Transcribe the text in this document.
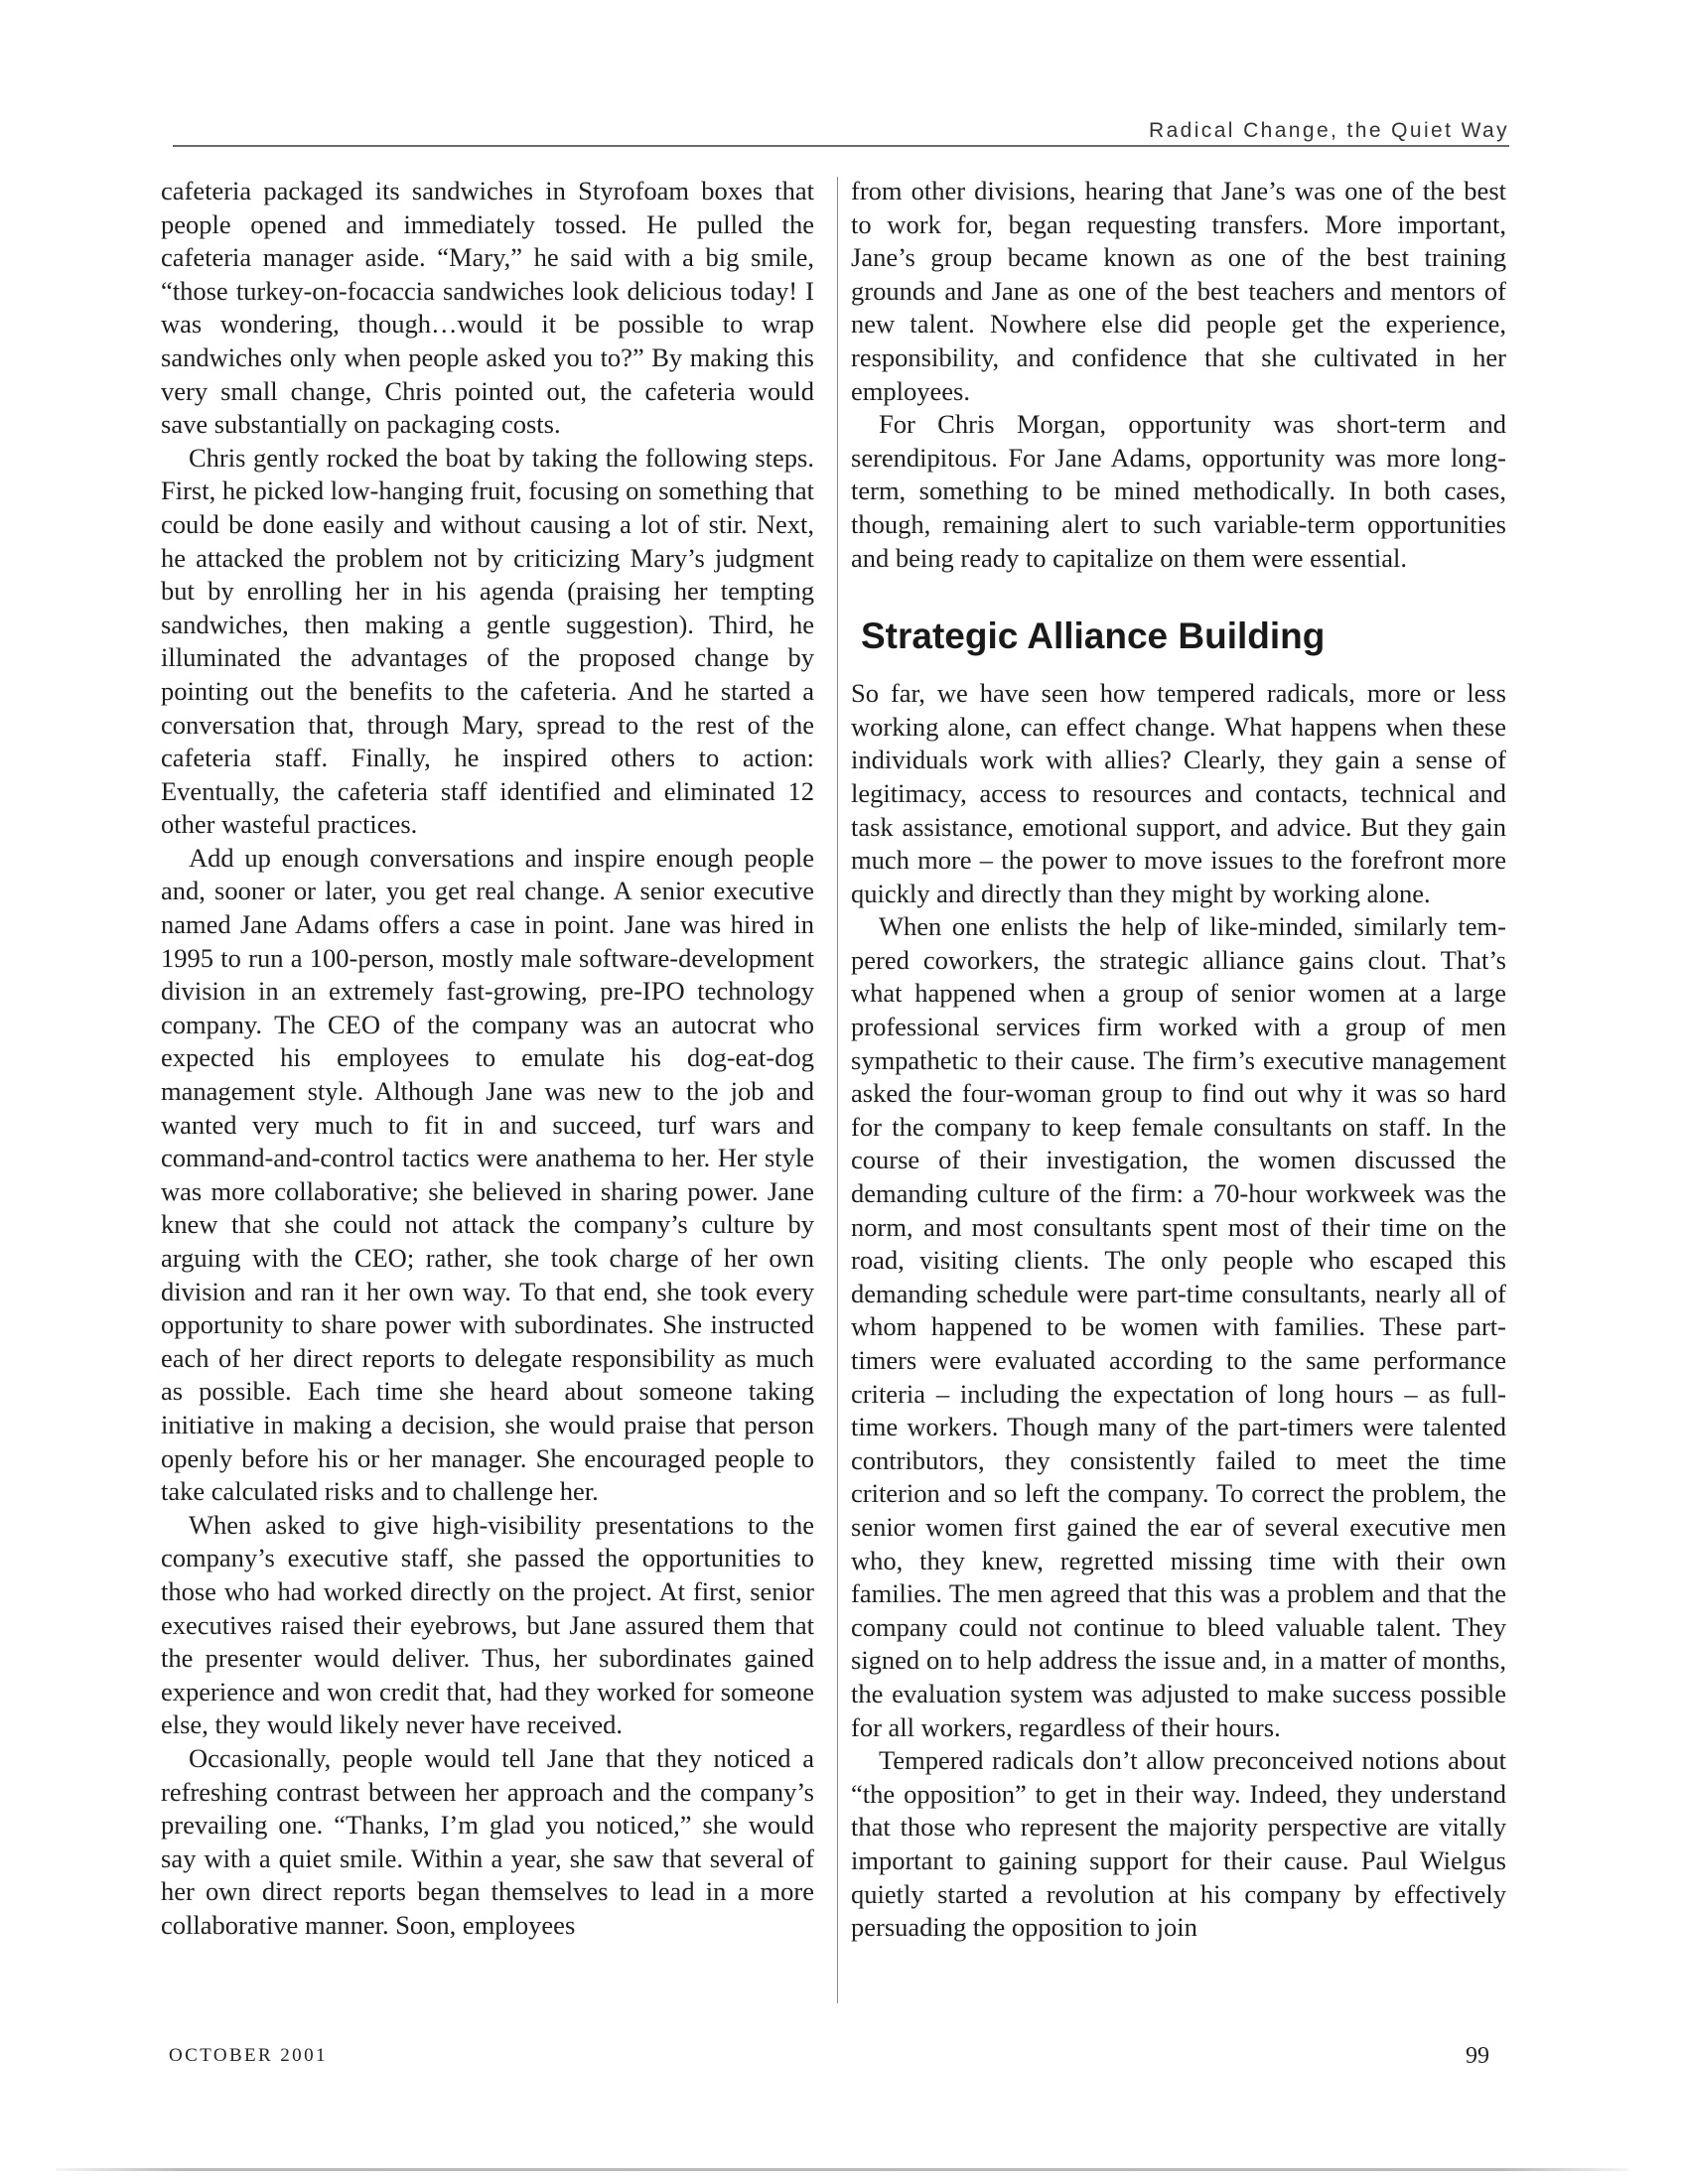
Radical Change, the Quiet Way

cafeteria packaged its sandwiches in Styrofoam boxes that people opened and immediately tossed. He pulled the cafeteria manager aside. “Mary,” he said with a big smile, “those turkey-on-focaccia sandwiches look delicious today! I was wondering, though…would it be possible to wrap sandwiches only when people asked you to?” By making this very small change, Chris pointed out, the cafeteria would save substantially on packaging costs.

Chris gently rocked the boat by taking the following steps. First, he picked low-hanging fruit, focusing on something that could be done easily and without causing a lot of stir. Next, he attacked the problem not by criticizing Mary’s judgment but by enrolling her in his agenda (praising her tempting sandwiches, then making a gentle suggestion). Third, he illuminated the advantages of the proposed change by pointing out the benefits to the cafeteria. And he started a conversation that, through Mary, spread to the rest of the cafeteria staff. Finally, he inspired others to action: Eventually, the cafeteria staff identified and eliminated 12 other wasteful practices.

Add up enough conversations and inspire enough people and, sooner or later, you get real change. A senior executive named Jane Adams offers a case in point. Jane was hired in 1995 to run a 100-person, mostly male software-development division in an extremely fast-growing, pre-IPO technology company. The CEO of the company was an autocrat who expected his employees to emulate his dog-eat-dog management style. Although Jane was new to the job and wanted very much to fit in and succeed, turf wars and command-and-control tactics were anathema to her. Her style was more collaborative; she believed in sharing power. Jane knew that she could not attack the company’s culture by arguing with the CEO; rather, she took charge of her own division and ran it her own way. To that end, she took every opportunity to share power with subordinates. She instructed each of her direct reports to delegate responsibility as much as possible. Each time she heard about someone taking initiative in making a decision, she would praise that person openly before his or her manager. She encouraged people to take calculated risks and to challenge her.

When asked to give high-visibility presentations to the company’s executive staff, she passed the opportunities to those who had worked directly on the project. At first, senior executives raised their eyebrows, but Jane assured them that the presenter would deliver. Thus, her subordinates gained experience and won credit that, had they worked for someone else, they would likely never have received.

Occasionally, people would tell Jane that they noticed a refreshing contrast between her approach and the company’s prevailing one. “Thanks, I’m glad you noticed,” she would say with a quiet smile. Within a year, she saw that several of her own direct reports began themselves to lead in a more collaborative manner. Soon, employees

from other divisions, hearing that Jane’s was one of the best to work for, began requesting transfers. More important, Jane’s group became known as one of the best training grounds and Jane as one of the best teachers and mentors of new talent. Nowhere else did people get the experience, responsibility, and confidence that she cultivated in her employees.

For Chris Morgan, opportunity was short-term and serendipitous. For Jane Adams, opportunity was more long-term, something to be mined methodically. In both cases, though, remaining alert to such variable-term opportunities and being ready to capitalize on them were essential.

Strategic Alliance Building

So far, we have seen how tempered radicals, more or less working alone, can effect change. What happens when these individuals work with allies? Clearly, they gain a sense of legitimacy, access to resources and contacts, technical and task assistance, emotional support, and advice. But they gain much more – the power to move issues to the forefront more quickly and directly than they might by working alone.

When one enlists the help of like-minded, similarly tempered coworkers, the strategic alliance gains clout. That’s what happened when a group of senior women at a large professional services firm worked with a group of men sympathetic to their cause. The firm’s executive management asked the four-woman group to find out why it was so hard for the company to keep female consultants on staff. In the course of their investigation, the women discussed the demanding culture of the firm: a 70-hour workweek was the norm, and most consultants spent most of their time on the road, visiting clients. The only people who escaped this demanding schedule were part-time consultants, nearly all of whom happened to be women with families. These part-timers were evaluated according to the same performance criteria – including the expectation of long hours – as full-time workers. Though many of the part-timers were talented contributors, they consistently failed to meet the time criterion and so left the company. To correct the problem, the senior women first gained the ear of several executive men who, they knew, regretted missing time with their own families. The men agreed that this was a problem and that the company could not continue to bleed valuable talent. They signed on to help address the issue and, in a matter of months, the evaluation system was adjusted to make success possible for all workers, regardless of their hours.

Tempered radicals don’t allow preconceived notions about “the opposition” to get in their way. Indeed, they understand that those who represent the majority perspective are vitally important to gaining support for their cause. Paul Wielgus quietly started a revolution at his company by effectively persuading the opposition to join

OCTOBER 2001	99
